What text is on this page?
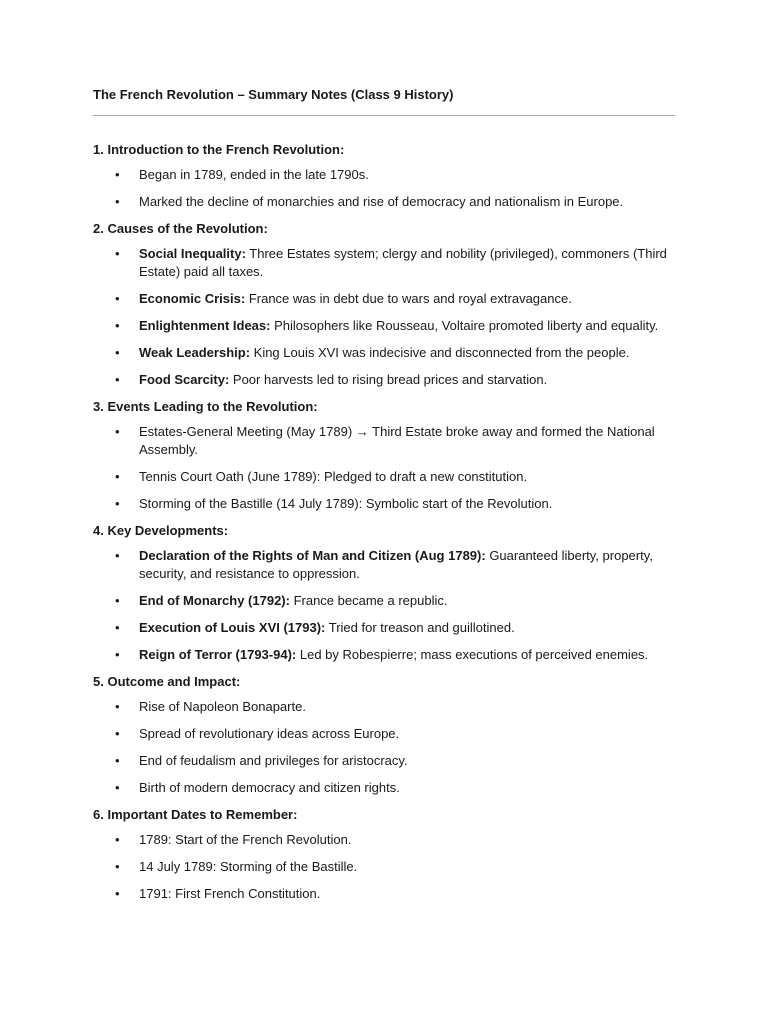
The French Revolution – Summary Notes (Class 9 History)

1. Introduction to the French Revolution:

• Began in 1789, ended in the late 1790s.
• Marked the decline of monarchies and rise of democracy and nationalism in Europe.

2. Causes of the Revolution:

• Social Inequality: Three Estates system; clergy and nobility (privileged), commoners (Third Estate) paid all taxes.
• Economic Crisis: France was in debt due to wars and royal extravagance.
• Enlightenment Ideas: Philosophers like Rousseau, Voltaire promoted liberty and equality.
• Weak Leadership: King Louis XVI was indecisive and disconnected from the people.
• Food Scarcity: Poor harvests led to rising bread prices and starvation.

3. Events Leading to the Revolution:

• Estates-General Meeting (May 1789) → Third Estate broke away and formed the National Assembly.
• Tennis Court Oath (June 1789): Pledged to draft a new constitution.
• Storming of the Bastille (14 July 1789): Symbolic start of the Revolution.

4. Key Developments:

• Declaration of the Rights of Man and Citizen (Aug 1789): Guaranteed liberty, property, security, and resistance to oppression.
• End of Monarchy (1792): France became a republic.
• Execution of Louis XVI (1793): Tried for treason and guillotined.
• Reign of Terror (1793-94): Led by Robespierre; mass executions of perceived enemies.

5. Outcome and Impact:

• Rise of Napoleon Bonaparte.
• Spread of revolutionary ideas across Europe.
• End of feudalism and privileges for aristocracy.
• Birth of modern democracy and citizen rights.

6. Important Dates to Remember:

• 1789: Start of the French Revolution.
• 14 July 1789: Storming of the Bastille.
• 1791: First French Constitution.
